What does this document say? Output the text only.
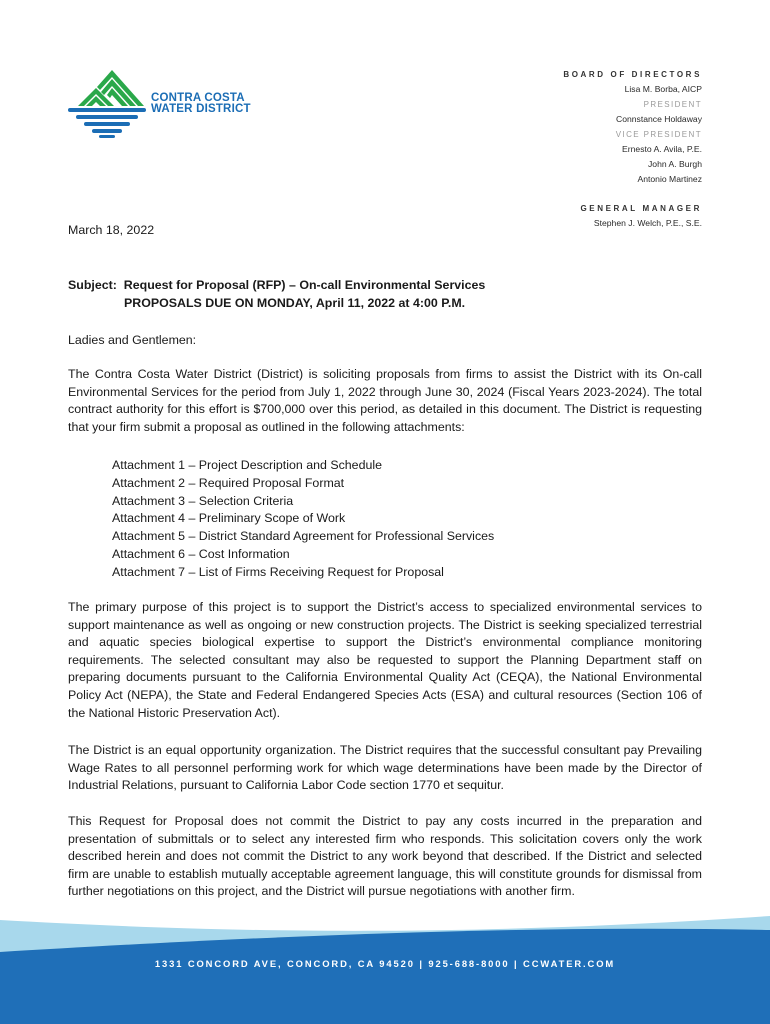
CONTRA COSTA
WATER DISTRICT
BOARD OF DIRECTORS
Lisa M. Borba, AICP
PRESIDENT
Connstance Holdaway
VICE PRESIDENT
Ernesto A. Avila, P.E.
John A. Burgh
Antonio Martinez
GENERAL MANAGER
Stephen J. Welch, P.E., S.E.
March 18, 2022
Subject:  Request for Proposal (RFP) – On-call Environmental Services
PROPOSALS DUE ON MONDAY, April 11, 2022 at 4:00 P.M.
Ladies and Gentlemen:
The Contra Costa Water District (District) is soliciting proposals from firms to assist the District with its On-call Environmental Services for the period from July 1, 2022 through June 30, 2024 (Fiscal Years 2023-2024). The total contract authority for this effort is $700,000 over this period, as detailed in this document. The District is requesting that your firm submit a proposal as outlined in the following attachments:
Attachment 1 – Project Description and Schedule
Attachment 2 – Required Proposal Format
Attachment 3 – Selection Criteria
Attachment 4 – Preliminary Scope of Work
Attachment 5 – District Standard Agreement for Professional Services
Attachment 6 – Cost Information
Attachment 7 – List of Firms Receiving Request for Proposal
The primary purpose of this project is to support the District’s access to specialized environmental services to support maintenance as well as ongoing or new construction projects. The District is seeking specialized terrestrial and aquatic species biological expertise to support the District’s environmental compliance monitoring requirements. The selected consultant may also be requested to support the Planning Department staff on preparing documents pursuant to the California Environmental Quality Act (CEQA), the National Environmental Policy Act (NEPA), the State and Federal Endangered Species Acts (ESA) and cultural resources (Section 106 of the National Historic Preservation Act).
The District is an equal opportunity organization. The District requires that the successful consultant pay Prevailing Wage Rates to all personnel performing work for which wage determinations have been made by the Director of Industrial Relations, pursuant to California Labor Code section 1770 et sequitur.
This Request for Proposal does not commit the District to pay any costs incurred in the preparation and presentation of submittals or to select any interested firm who responds. This solicitation covers only the work described herein and does not commit the District to any work beyond that described. If the District and selected firm are unable to establish mutually acceptable agreement language, this will constitute grounds for dismissal from further negotiations on this project, and the District will pursue negotiations with another firm.
1331 CONCORD AVE, CONCORD, CA 94520 | 925-688-8000 | CCWATER.COM
